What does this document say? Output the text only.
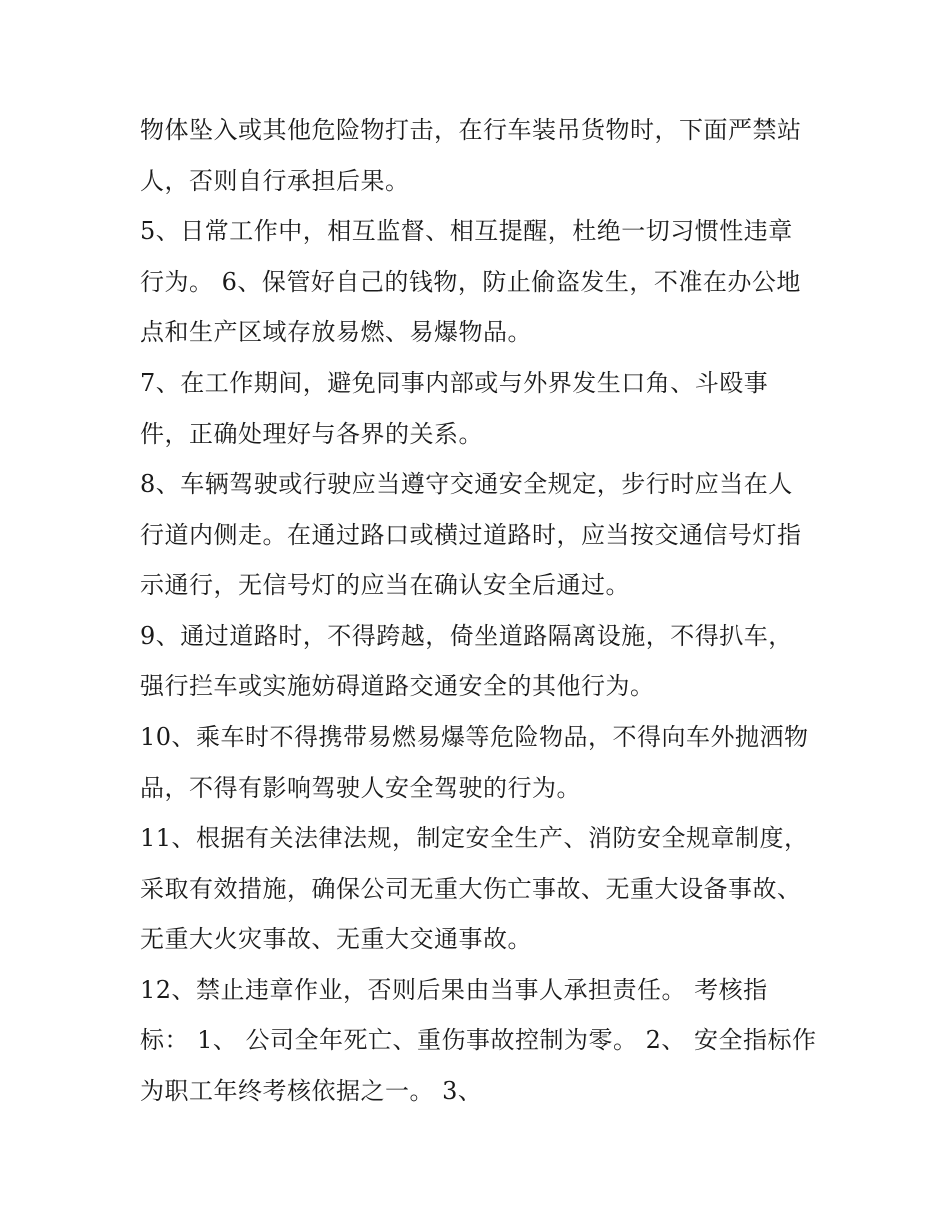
物体坠入或其他危险物打击，在行车装吊货物时，下面严禁站
人，否则自行承担后果。
5、日常工作中，相互监督、相互提醒，杜绝一切习惯性违章
行为。 6、保管好自己的钱物，防止偷盗发生，不准在办公地
点和生产区域存放易燃、易爆物品。
7、在工作期间，避免同事内部或与外界发生口角、斗殴事
件，正确处理好与各界的关系。
8、车辆驾驶或行驶应当遵守交通安全规定，步行时应当在人
行道内侧走。在通过路口或横过道路时，应当按交通信号灯指
示通行，无信号灯的应当在确认安全后通过。
9、通过道路时，不得跨越，倚坐道路隔离设施，不得扒车，
强行拦车或实施妨碍道路交通安全的其他行为。
10、乘车时不得携带易燃易爆等危险物品，不得向车外抛洒物
品，不得有影响驾驶人安全驾驶的行为。
11、根据有关法律法规，制定安全生产、消防安全规章制度，
采取有效措施，确保公司无重大伤亡事故、无重大设备事故、
无重大火灾事故、无重大交通事故。
12、禁止违章作业，否则后果由当事人承担责任。 考核指
标： 1、 公司全年死亡、重伤事故控制为零。 2、 安全指标作
为职工年终考核依据之一。 3、
